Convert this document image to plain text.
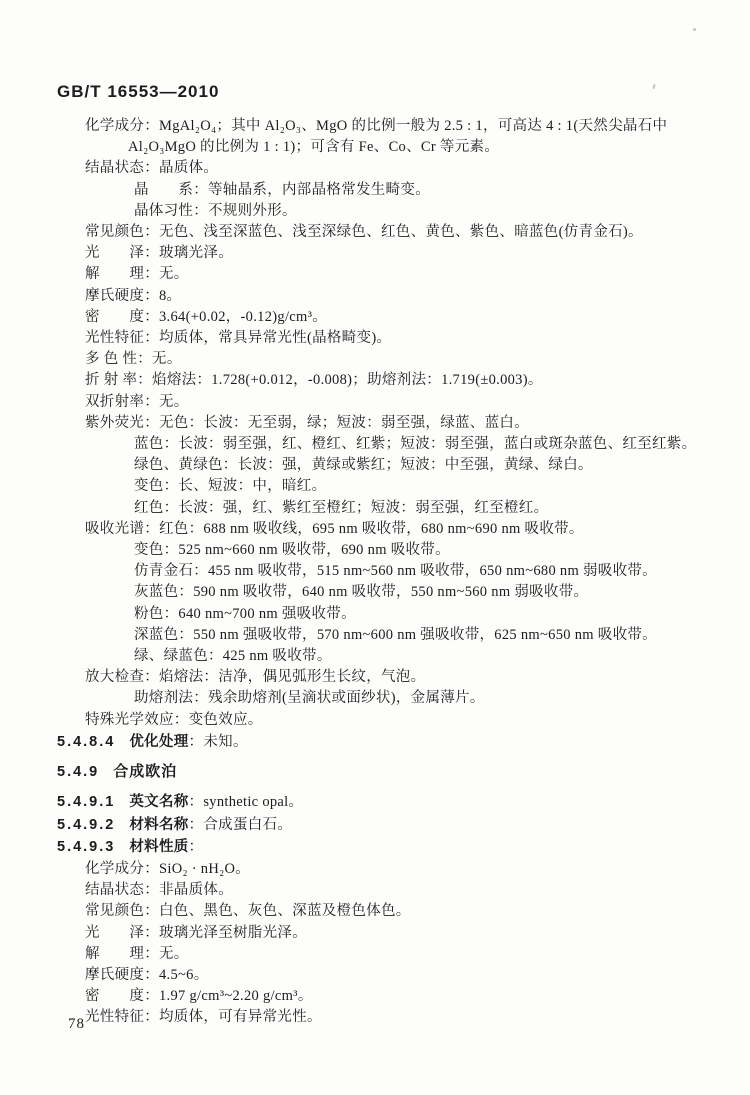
GB/T 16553—2010
化学成分：MgAl₂O₄；其中 Al₂O₃、MgO 的比例一般为 2.5 : 1，可高达 4 : 1(天然尖晶石中
Al₂O₃MgO 的比例为 1 : 1)；可含有 Fe、Co、Cr 等元素。
结晶状态：晶质体。
晶　　系：等轴晶系，内部晶格常发生畸变。
晶体习性：不规则外形。
常见颜色：无色、浅至深蓝色、浅至深绿色、红色、黄色、紫色、暗蓝色(仿青金石)。
光　　泽：玻璃光泽。
解　　理：无。
摩氏硬度：8。
密　　度：3.64(+0.02，-0.12)g/cm³。
光性特征：均质体，常具异常光性(晶格畸变)。
多 色 性：无。
折 射 率：焰熔法：1.728(+0.012，-0.008)；助熔剂法：1.719(±0.003)。
双折射率：无。
紫外荧光：无色：长波：无至弱，绿；短波：弱至强，绿蓝、蓝白。
蓝色：长波：弱至强，红、橙红、红紫；短波：弱至强，蓝白或斑杂蓝色、红至红紫。
绿色、黄绿色：长波：强，黄绿或紫红；短波：中至强，黄绿、绿白。
变色：长、短波：中，暗红。
红色：长波：强，红、紫红至橙红；短波：弱至强，红至橙红。
吸收光谱：红色：688 nm 吸收线，695 nm 吸收带，680 nm~690 nm 吸收带。
变色：525 nm~660 nm 吸收带，690 nm 吸收带。
仿青金石：455 nm 吸收带，515 nm~560 nm 吸收带，650 nm~680 nm 弱吸收带。
灰蓝色：590 nm 吸收带，640 nm 吸收带，550 nm~560 nm 弱吸收带。
粉色：640 nm~700 nm 强吸收带。
深蓝色：550 nm 强吸收带，570 nm~600 nm 强吸收带，625 nm~650 nm 吸收带。
绿、绿蓝色：425 nm 吸收带。
放大检查：焰熔法：洁净，偶见弧形生长纹，气泡。
助熔剂法：残余助熔剂(呈滴状或面纱状)，金属薄片。
特殊光学效应：变色效应。
5.4.8.4 优化处理：未知。
5.4.9 合成欧泊
5.4.9.1 英文名称：synthetic opal。
5.4.9.2 材料名称：合成蛋白石。
5.4.9.3 材料性质：
化学成分：SiO₂ · nH₂O。
结晶状态：非晶质体。
常见颜色：白色、黑色、灰色、深蓝及橙色体色。
光　　泽：玻璃光泽至树脂光泽。
解　　理：无。
摩氏硬度：4.5~6。
密　　度：1.97 g/cm³~2.20 g/cm³。
光性特征：均质体，可有异常光性。
78
